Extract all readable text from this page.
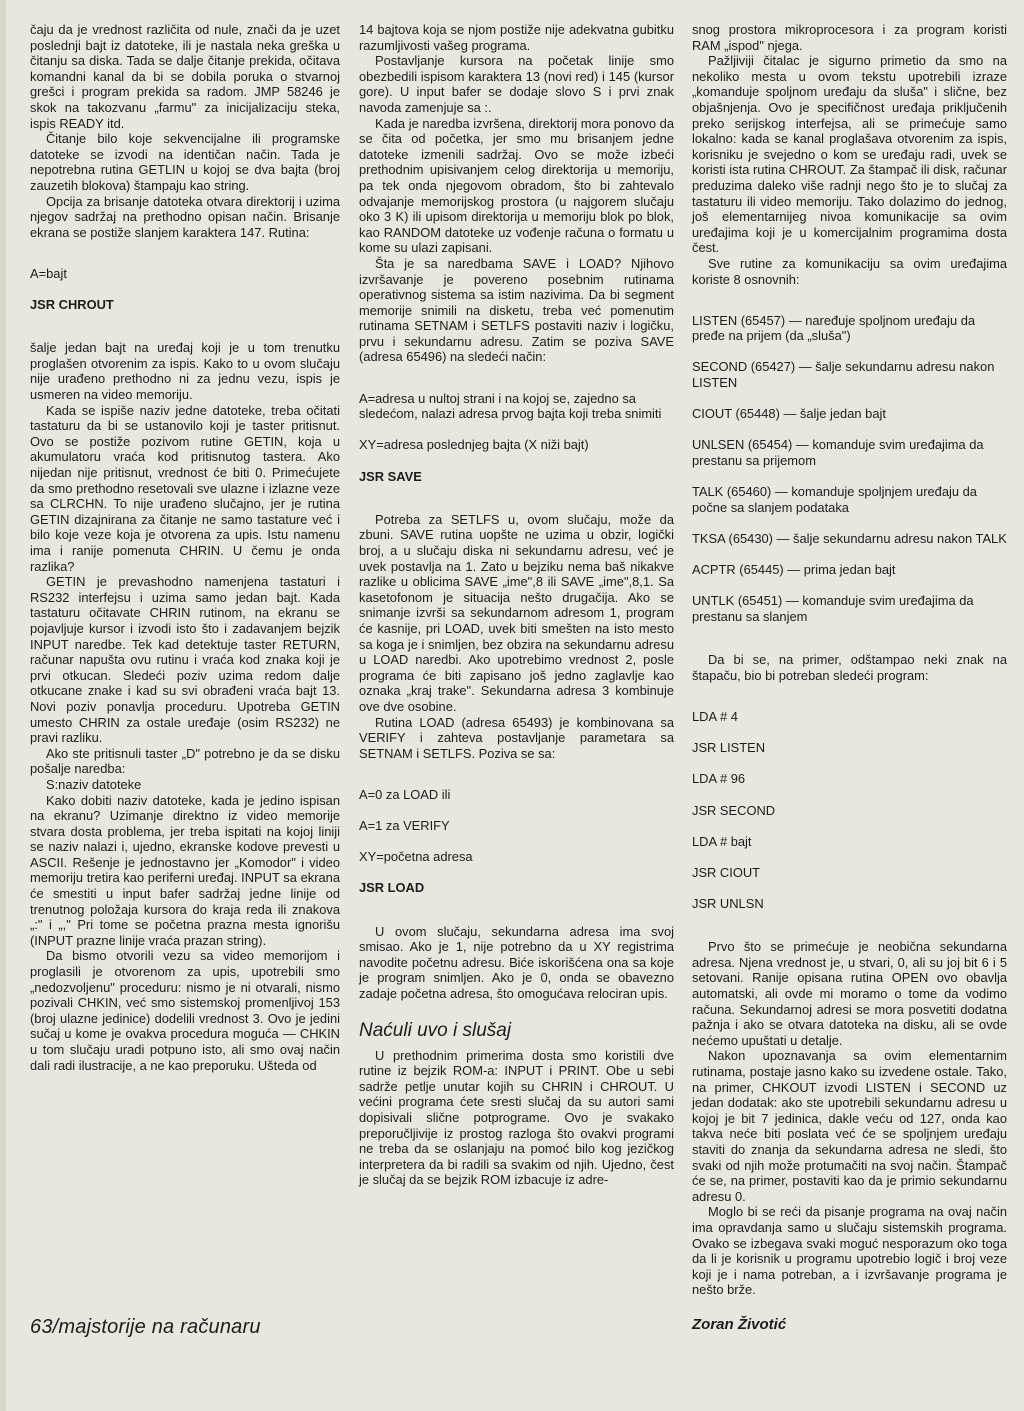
čaju da je vrednost različita od nule, znači da je uzet poslednji bajt iz datoteke, ili je nastala neka greška u čitanju sa diska. Tada se dalje čitanje prekida, očitava komandni kanal da bi se dobila poruka o stvarnoj grešci i program prekida sa radom. JMP 58246 je skok na takozvanu „farmu" za inicijalizaciju steka, ispis READY itd.

Čitanje bilo koje sekvencijalne ili programske datoteke se izvodi na identičan način. Tada je nepotrebna rutina GETLIN u kojoj se dva bajta (broj zauzetih blokova) štampaju kao string.

Opcija za brisanje datoteka otvara direktorij i uzima njegov sadržaj na prethodno opisan način. Brisanje ekrana se postiže slanjem karaktera 147. Rutina:

A=bajt

JSR CHROUT

šalje jedan bajt na uređaj koji je u tom trenutku proglašen otvorenim za ispis. Kako to u ovom slučaju nije urađeno prethodno ni za jednu vezu, ispis je usmeren na video memoriju.

Kada se ispiše naziv jedne datoteke, treba očitati tastaturu da bi se ustanovilo koji je taster pritisnut. Ovo se postiže pozivom rutine GETIN, koja u akumulatoru vraća kod pritisnutog tastera. Ako nijedan nije pritisnut, vrednost će biti 0. Primećujete da smo prethodno resetovali sve ulazne i izlazne veze sa CLRCHN. To nije urađeno slučajno, jer je rutina GETIN dizajnirana za čitanje ne samo tastature već i bilo koje veze koja je otvorena za upis. Istu namenu ima i ranije pomenuta CHRIN. U čemu je onda razlika?

GETIN je prevashodno namenjena tastaturi i RS232 interfejsu i uzima samo jedan bajt. Kada tastaturu očitavate CHRIN rutinom, na ekranu se pojavljuje kursor i izvodi isto što i zadavanjem bejzik INPUT naredbe. Tek kad detektuje taster RETURN, računar napušta ovu rutinu i vraća kod znaka koji je prvi otkucan. Sledeći poziv uzima redom dalje otkucane znake i kad su svi obrađeni vraća bajt 13. Novi poziv ponavlja proceduru. Upotreba GETIN umesto CHRIN za ostale uređaje (osim RS232) ne pravi razliku.

Ako ste pritisnuli taster „D" potrebno je da se disku pošalje naredba:

S:naziv datoteke

Kako dobiti naziv datoteke, kada je jedino ispisan na ekranu? Uzimanje direktno iz video memorije stvara dosta problema, jer treba ispitati na kojoj liniji se naziv nalazi i, ujedno, ekranske kodove prevesti u ASCII. Rešenje je jednostavno jer „Komodor" i video memoriju tretira kao periferni uređaj. INPUT sa ekrana će smestiti u input bafer sadržaj jedne linije od trenutnog položaja kursora do kraja reda ili znakova „:" i „," Pri tome se početna prazna mesta ignorišu (INPUT prazne linije vraća prazan string).

Da bismo otvorili vezu sa video memorijom i proglasili je otvorenom za upis, upotrebili smo „nedozvoljenu" proceduru: nismo je ni otvarali, nismo pozivali CHKIN, već smo sistemskoj promenljivoj 153 (broj ulazne jedinice) dodelili vrednost 3. Ovo je jedini sučaj u kome je ovakva procedura moguća — CHKIN u tom slučaju uradi potpuno isto, ali smo ovaj način dali radi ilustracije, a ne kao preporuku. Ušteda od

14 bajtova koja se njom postiže nije adekvatna gubitku razumljivosti vašeg programa.

Postavljanje kursora na početak linije smo obezbedili ispisom karaktera 13 (novi red) i 145 (kursor gore). U input bafer se dodaje slovo S i prvi znak navoda zamenjuje sa :.

Kada je naredba izvršena, direktorij mora ponovo da se čita od početka, jer smo mu brisanjem jedne datoteke izmenili sadržaj. Ovo se može izbeći prethodnim upisivanjem celog direktorija u memoriju, pa tek onda njegovom obradom, što bi zahtevalo odvajanje memorijskog prostora (u najgorem slučaju oko 3 K) ili upisom direktorija u memoriju blok po blok, kao RANDOM datoteke uz vođenje računa o formatu u kome su ulazi zapisani.

Šta je sa naredbama SAVE i LOAD? Njihovo izvršavanje je povereno posebnim rutinama operativnog sistema sa istim nazivima. Da bi segment memorije snimili na disketu, treba već pomenutim rutinama SETNAM i SETLFS postaviti naziv i logičku, prvu i sekundarnu adresu. Zatim se poziva SAVE (adresa 65496) na sledeći način:

A=adresa u nultoj strani i na kojoj se, zajedno sa sledećom, nalazi adresa prvog bajta koji treba snimiti

XY=adresa poslednjeg bajta (X niži bajt)

JSR SAVE

Potreba za SETLFS u, ovom slučaju, može da zbuni. SAVE rutina uopšte ne uzima u obzir, logički broj, a u slučaju diska ni sekundarnu adresu, već je uvek postavlja na 1. Zato u bejziku nema baš nikakve razlike u oblicima SAVE „ime",8 ili SAVE „ime",8,1. Sa kasetofonom je situacija nešto drugačija. Ako se snimanje izvrši sa sekundarnom adresom 1, program će kasnije, pri LOAD, uvek biti smešten na isto mesto sa koga je i snimljen, bez obzira na sekundarnu adresu u LOAD naredbi. Ako upotrebimo vrednost 2, posle programa će biti zapisano još jedno zaglavlje kao oznaka „kraj trake". Sekundarna adresa 3 kombinuje ove dve osobine.

Rutina LOAD (adresa 65493) je kombinovana sa VERIFY i zahteva postavljanje parametara sa SETNAM i SETLFS. Poziva se sa:

A=0 za LOAD ili

A=1 za VERIFY

XY=početna adresa

JSR LOAD

U ovom slučaju, sekundarna adresa ima svoj smisao. Ako je 1, nije potrebno da u XY registrima navodite početnu adresu. Biće iskorišćena ona sa koje je program snimljen. Ako je 0, onda se obavezno zadaje početna adresa, što omogućava relociran upis.

Naćuli uvo i slušaj

U prethodnim primerima dosta smo koristili dve rutine iz bejzik ROM-a: INPUT i PRINT. Obe u sebi sadrže petlje unutar kojih su CHRIN i CHROUT. U većini programa ćete sresti slučaj da su autori sami dopisivali slične potprograme. Ovo je svakako preporučljivije iz prostog razloga što ovakvi programi ne treba da se oslanjaju na pomoć bilo kog jezičkog interpretera da bi radili sa svakim od njih. Ujedno, čest je slučaj da se bejzik ROM izbacuje iz adre-

snog prostora mikroprocesora i za program koristi RAM „ispod" njega.

Pažljiviji čitalac je sigurno primetio da smo na nekoliko mesta u ovom tekstu upotrebili izraze „komanduje spoljnom uređaju da sluša" i slične, bez objašnjenja. Ovo je specifičnost uređaja priključenih preko serijskog interfejsa, ali se primećuje samo lokalno: kada se kanal proglašava otvorenim za ispis, korisniku je svejedno o kom se uređaju radi, uvek se koristi ista rutina CHROUT. Za štampač ili disk, računar preduzima daleko više radnji nego što je to slučaj za tastaturu ili video memoriju. Tako dolazimo do jednog, još elementarnijeg nivoa komunikacije sa ovim uređajima koji je u komercijalnim programima dosta čest.

Sve rutine za komunikaciju sa ovim uređajima koriste 8 osnovnih:

LISTEN (65457) — naređuje spoljnom uređaju da pređe na prijem (da „sluša")

SECOND (65427) — šalje sekundarnu adresu nakon LISTEN

CIOUT (65448) — šalje jedan bajt

UNLSEN (65454) — komanduje svim uređajima da prestanu sa prijemom

TALK (65460) — komanduje spoljnjem uređaju da počne sa slanjem podataka

TKSA (65430) — šalje sekundarnu adresu nakon TALK

ACPTR (65445) — prima jedan bajt

UNTLK (65451) — komanduje svim uređajima da prestanu sa slanjem

Da bi se, na primer, odštampao neki znak na štapaču, bio bi potreban sledeći program:

LDA # 4

JSR LISTEN

LDA # 96

JSR SECOND

LDA # bajt

JSR CIOUT

JSR UNLSN

Prvo što se primećuje je neobična sekundarna adresa. Njena vrednost je, u stvari, 0, ali su joj bit 6 i 5 setovani. Ranije opisana rutina OPEN ovo obavlja automatski, ali ovde mi moramo o tome da vodimo računa. Sekundarnoj adresi se mora posvetiti dodatna pažnja i ako se otvara datoteka na disku, ali se ovde nećemo upuštati u detalje.

Nakon upoznavanja sa ovim elementarnim rutinama, postaje jasno kako su izvedene ostale. Tako, na primer, CHKOUT izvodi LISTEN i SECOND uz jedan dodatak: ako ste upotrebili sekundarnu adresu u kojoj je bit 7 jedinica, dakle veću od 127, onda kao takva neće biti poslata već će se spoljnjem uređaju staviti do znanja da sekundarna adresa ne sledi, što svaki od njih može protumačiti na svoj način. Štampač će se, na primer, postaviti kao da je primio sekundarnu adresu 0.

Moglo bi se reći da pisanje programa na ovaj način ima opravdanja samo u slučaju sistemskih programa. Ovako se izbegava svaki moguć nesporazum oko toga da li je korisnik u programu upotrebio logič i broj veze koji je i nama potreban, a i izvršavanje programa je nešto brže.

63/majstorije na računaru	Zoran Životić
